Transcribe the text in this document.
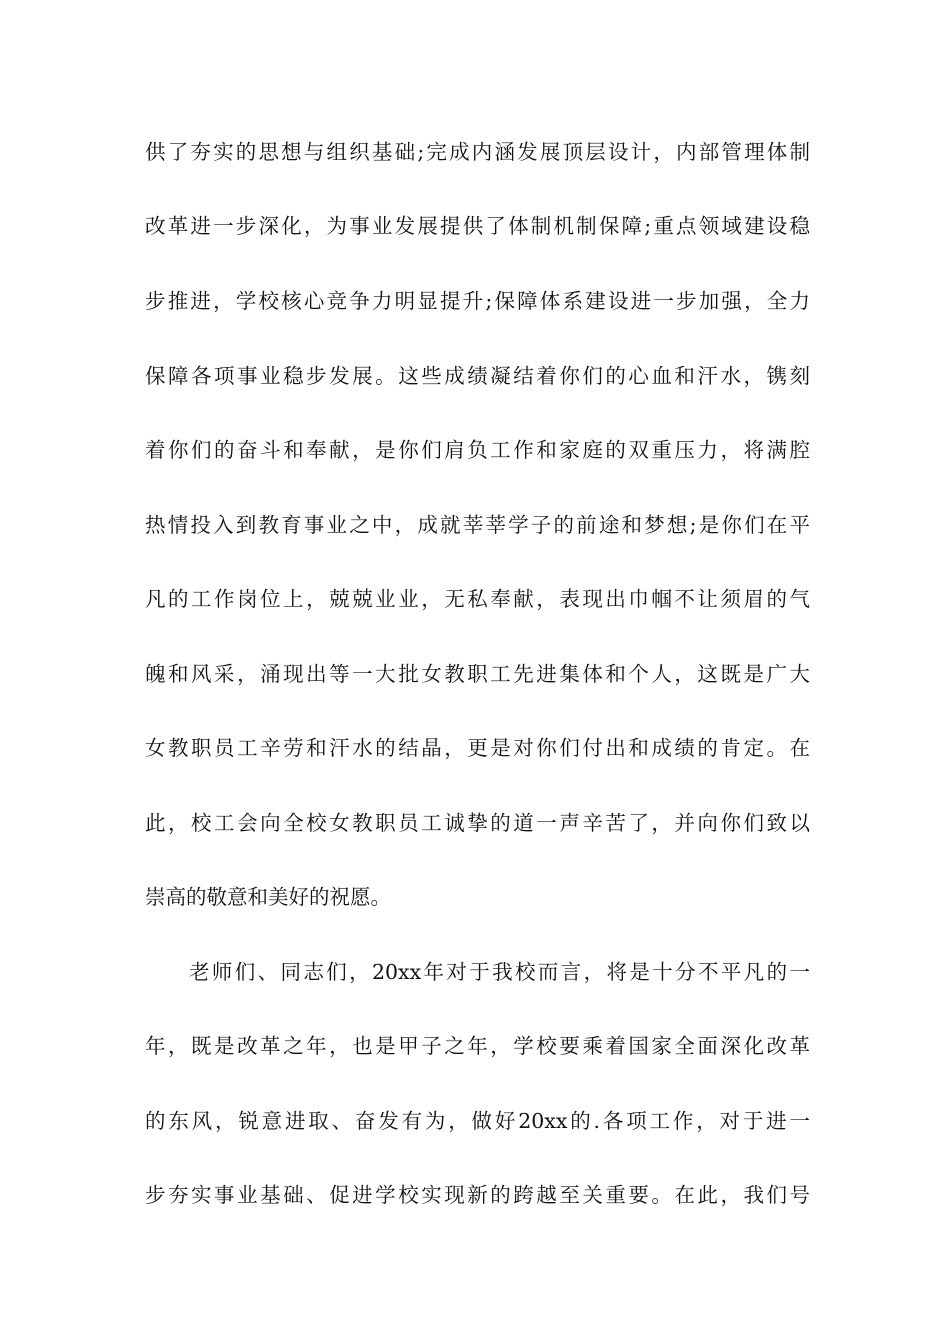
供了夯实的思想与组织基础;完成内涵发展顶层设计，内部管理体制
改革进一步深化，为事业发展提供了体制机制保障;重点领域建设稳
步推进，学校核心竞争力明显提升;保障体系建设进一步加强，全力
保障各项事业稳步发展。这些成绩凝结着你们的心血和汗水，镌刻
着你们的奋斗和奉献，是你们肩负工作和家庭的双重压力，将满腔
热情投入到教育事业之中，成就莘莘学子的前途和梦想;是你们在平
凡的工作岗位上，兢兢业业，无私奉献，表现出巾帼不让须眉的气
魄和风采，涌现出等一大批女教职工先进集体和个人，这既是广大
女教职员工辛劳和汗水的结晶，更是对你们付出和成绩的肯定。在
此，校工会向全校女教职员工诚挚的道一声辛苦了，并向你们致以
崇高的敬意和美好的祝愿。
老师们、同志们，20xx年对于我校而言，将是十分不平凡的一
年，既是改革之年，也是甲子之年，学校要乘着国家全面深化改革
的东风，锐意进取、奋发有为，做好20xx的.各项工作，对于进一
步夯实事业基础、促进学校实现新的跨越至关重要。在此，我们号
